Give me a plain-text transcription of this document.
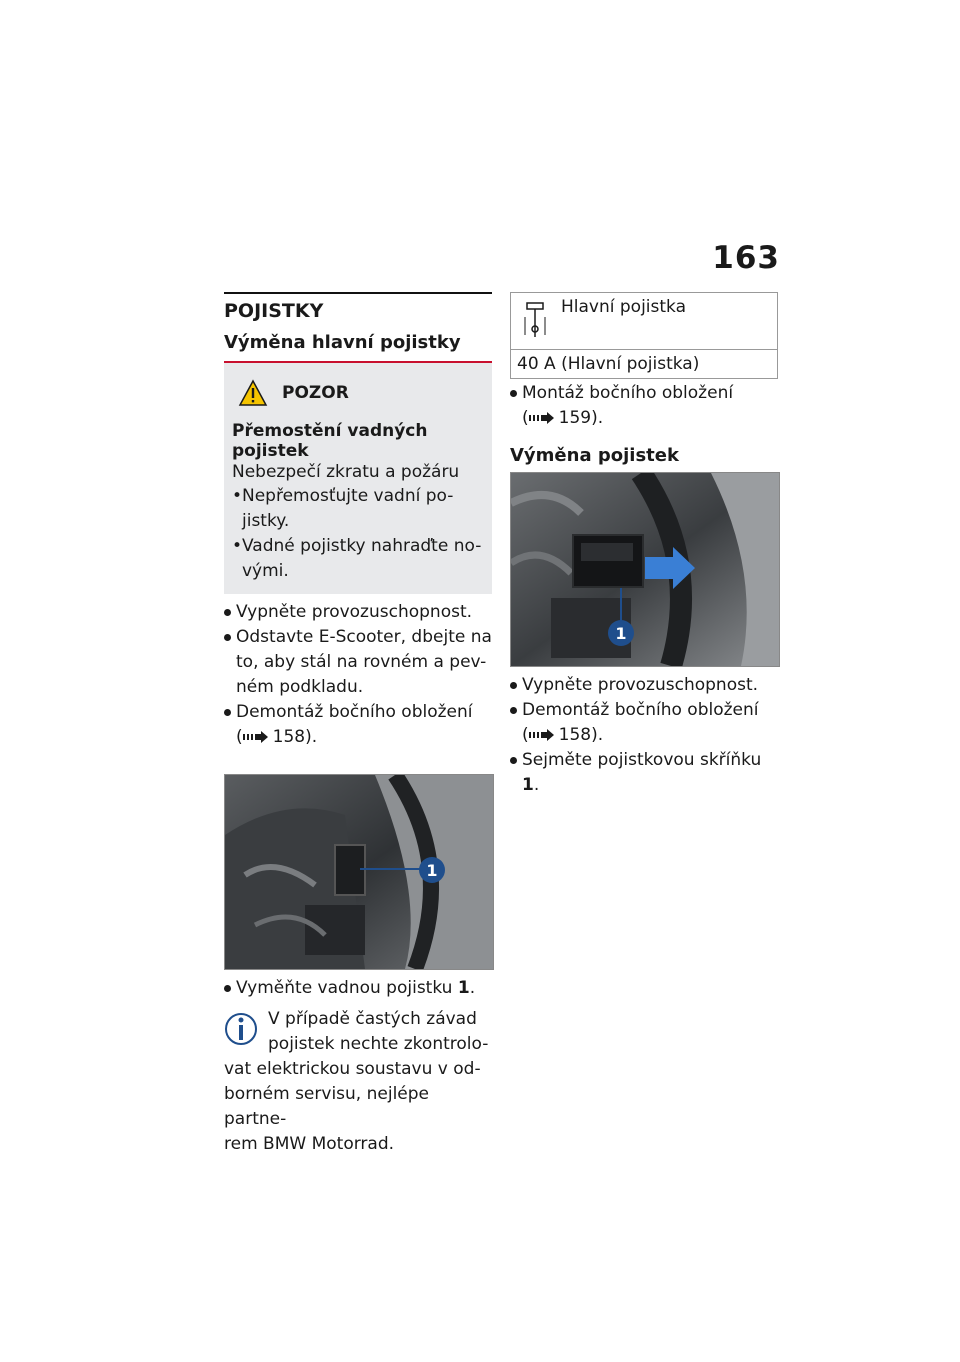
163
POJISTKY
Výměna hlavní pojistky
POZOR
Přemostění vadných pojistek
Nebezpečí zkratu a požáru
• Nepřemosťujte vadní po-jistky.
• Vadné pojistky nahraďte no-vými.
Vypněte provozuschopnost.
Odstavte E-Scooter, dbejte na to, aby stál na rovném a pev-ném podkladu.
Demontáž bočního obložení
( 158).
1
Vyměňte vadnou pojistku 1.
V případě častých závad
pojistek nechte zkontrolo-
vat elektrickou soustavu v od-
borném servisu, nejlépe partne-
rem BMW Motorrad.
Hlavní pojistka

40 A (Hlavní pojistka)
Montáž bočního obložení
( 159).
Výměna pojistek
1
Vypněte provozuschopnost.
Demontáž bočního obložení
( 158).
Sejměte pojistkovou skříňku 1.
